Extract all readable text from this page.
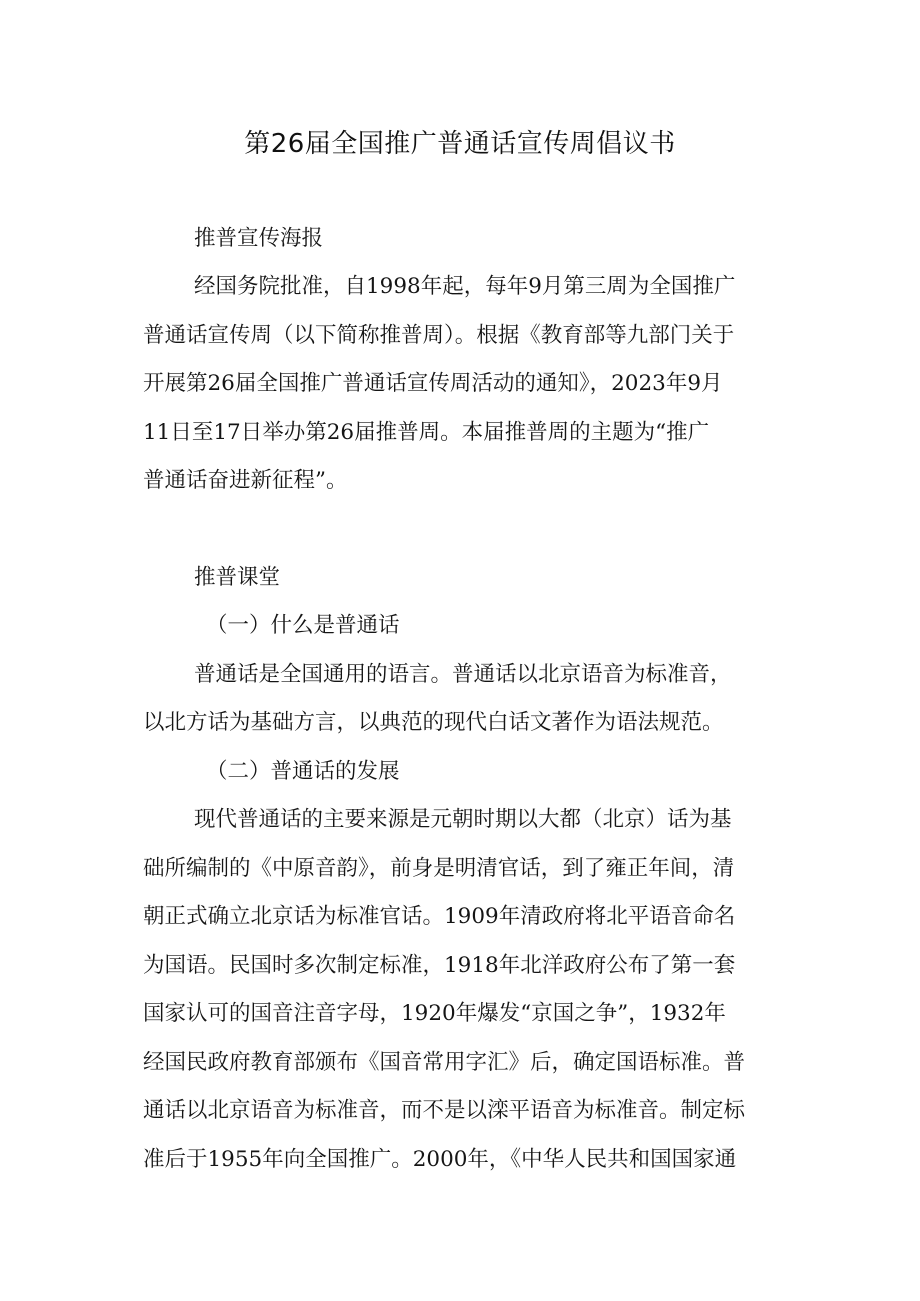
第26届全国推广普通话宣传周倡议书
推普宣传海报
经国务院批准，自1998年起，每年9月第三周为全国推广
普通话宣传周（以下简称推普周）。根据《教育部等九部门关于
开展第26届全国推广普通话宣传周活动的通知》，2023年9月
11日至17日举办第26届推普周。本届推普周的主题为“推广
普通话奋进新征程”。
推普课堂
（一）什么是普通话
普通话是全国通用的语言。普通话以北京语音为标准音，
以北方话为基础方言，以典范的现代白话文著作为语法规范。
（二）普通话的发展
现代普通话的主要来源是元朝时期以大都（北京）话为基
础所编制的《中原音韵》，前身是明清官话，到了雍正年间，清
朝正式确立北京话为标准官话。1909年清政府将北平语音命名
为国语。民国时多次制定标准，1918年北洋政府公布了第一套
国家认可的国音注音字母，1920年爆发“京国之争”，1932年
经国民政府教育部颁布《国音常用字汇》后，确定国语标准。普
通话以北京语音为标准音，而不是以滦平语音为标准音。制定标
准后于1955年向全国推广。2000年，《中华人民共和国国家通
